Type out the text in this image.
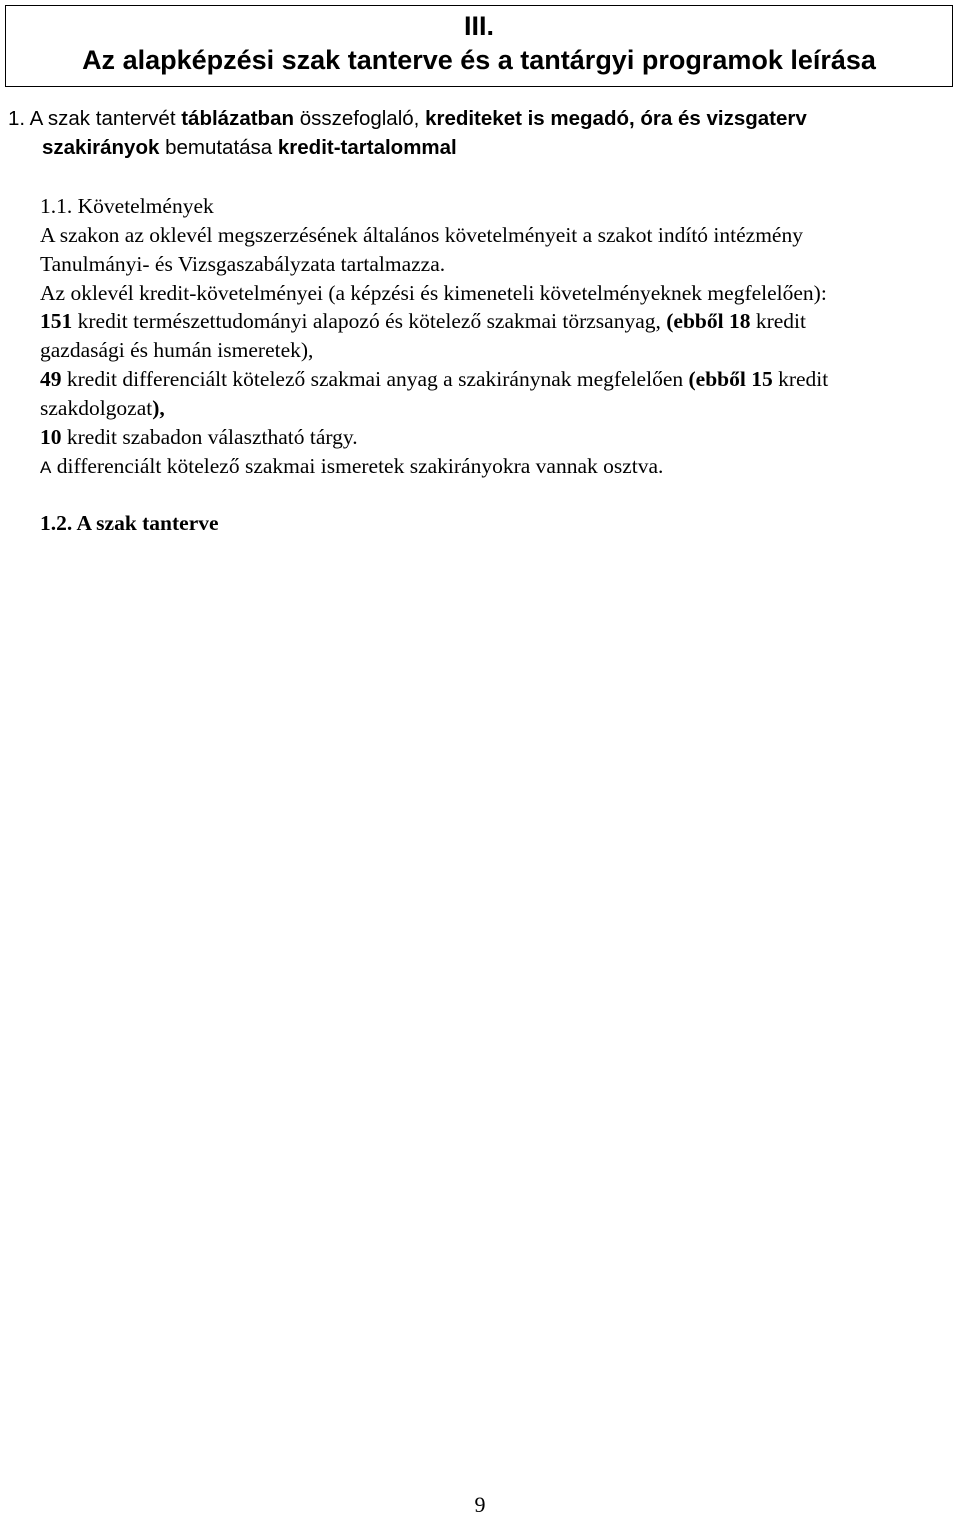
III.
Az alapképzési szak tanterve és a tantárgyi programok leírása
1. A szak tantervét táblázatban összefoglaló, krediteket is megadó, óra és vizsgaterv
szakirányok bemutatása kredit-tartalommal
1.1. Követelmények
A szakon az oklevél megszerzésének általános követelményeit a szakot indító intézmény
Tanulmányi- és Vizsgaszabályzata tartalmazza.
Az oklevél kredit-követelményei (a képzési és kimeneteli követelményeknek megfelelően):
151 kredit természettudományi alapozó és kötelező szakmai törzsanyag, (ebből 18 kredit
gazdasági és humán ismeretek),
49 kredit differenciált kötelező szakmai anyag a szakiránynak megfelelően (ebből 15 kredit
szakdolgozat),
10 kredit szabadon választható tárgy.
A differenciált kötelező szakmai ismeretek szakirányokra vannak osztva.
1.2. A szak tanterve
9
